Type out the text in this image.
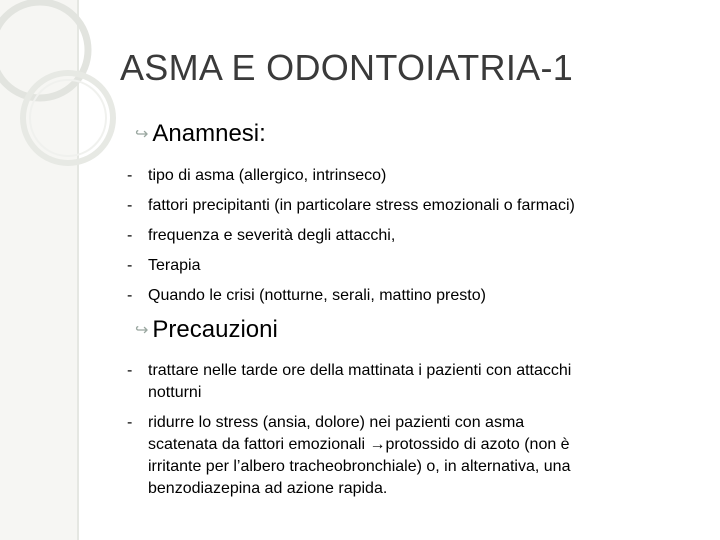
ASMA E ODONTOIATRIA-1
↪ Anamnesi:
- tipo di asma (allergico, intrinseco)
- fattori precipitanti (in particolare stress emozionali o farmaci)
- frequenza e severità degli attacchi,
- Terapia
- Quando le crisi (notturne, serali, mattino presto)
↪ Precauzioni
- trattare nelle tarde ore della mattinata i pazienti con attacchi
notturni
- ridurre lo stress (ansia, dolore) nei pazienti con asma
scatenata da fattori emozionali →protossido di azoto (non è
irritante per l’albero tracheobronchiale) o, in alternativa, una
benzodiazepina ad azione rapida.
